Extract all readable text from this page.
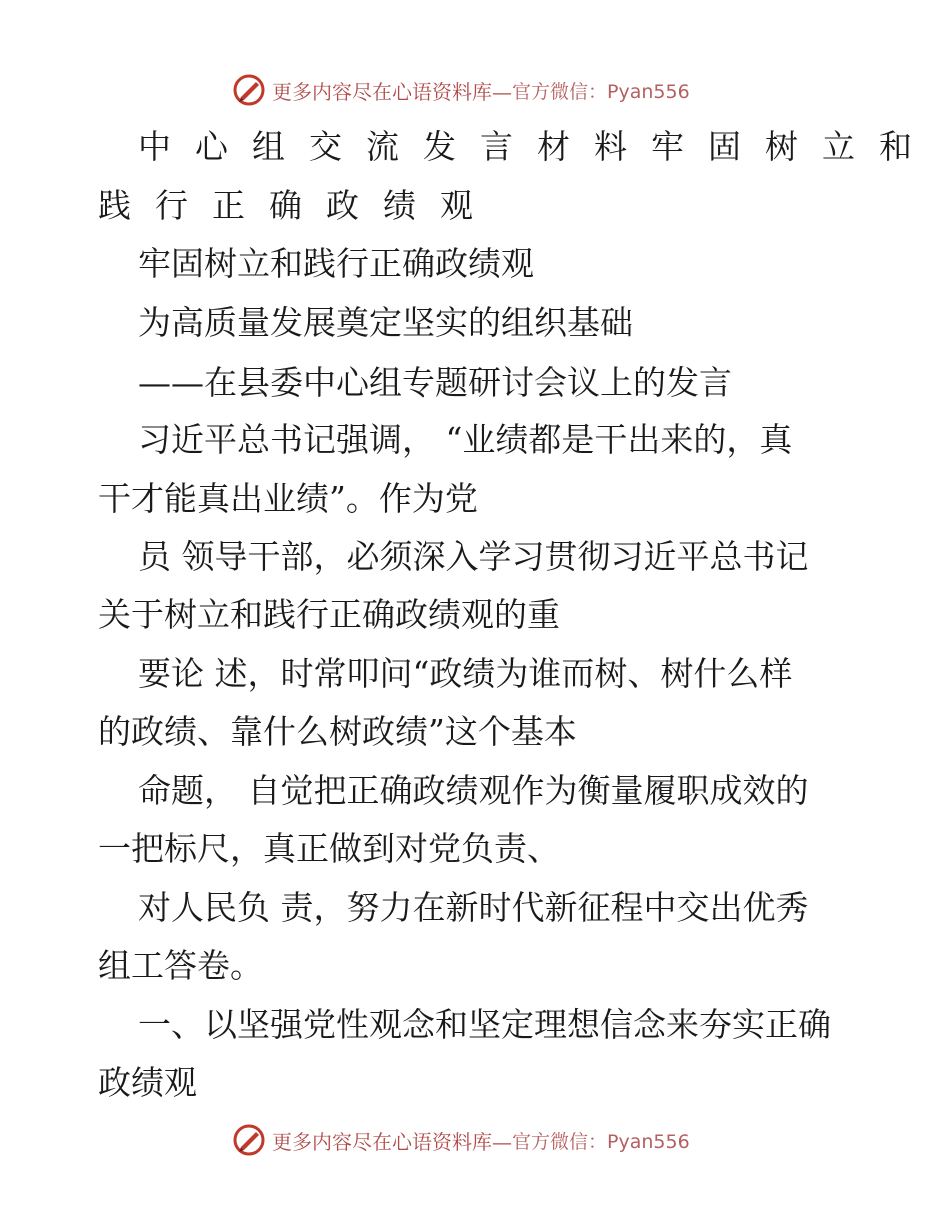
更多内容尽在心语资料库— 官方微信：Pyan556
中心组交流发言材料牢固树立和
践行正确政绩观
牢固树立和践行正确政绩观
为高质量发展奠定坚实的组织基础
——在县委中心组专题研讨会议上的发言
习近平总书记强调， “业绩都是干出来的，真
干才能真出业绩”。作为党
员 领导干部，必须深入学习贯彻习近平总书记
关于树立和践行正确政绩观的重
要论 述，时常叩问“政绩为谁而树、树什么样
的政绩、靠什么树政绩”这个基本
命题， 自觉把正确政绩观作为衡量履职成效的
一把标尺，真正做到对党负责、
对人民负 责，努力在新时代新征程中交出优秀
组工答卷。
一、以坚强党性观念和坚定理想信念来夯实正确
政绩观
更多内容尽在心语资料库— 官方微信：Pyan556
